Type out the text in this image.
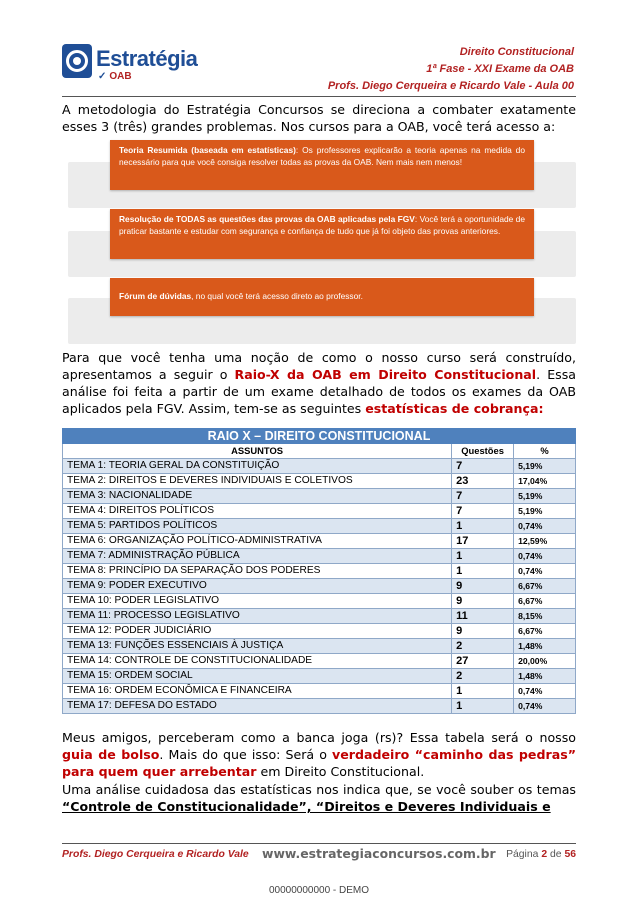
Estratégia
✓ OAB
Direito Constitucional
1ª Fase - XXI Exame da OAB
Profs. Diego Cerqueira e Ricardo Vale - Aula 00

A metodologia do Estratégia Concursos se direciona a combater exatamente esses 3 (três) grandes problemas. Nos cursos para a OAB, você terá acesso a:

Teoria Resumida (baseada em estatísticas): Os professores explicarão a teoria apenas na medida do necessário para que você consiga resolver todas as provas da OAB. Nem mais nem menos!
Resolução de TODAS as questões das provas da OAB aplicadas pela FGV: Você terá a oportunidade de praticar bastante e estudar com segurança e confiança de tudo que já foi objeto das provas anteriores.
Fórum de dúvidas, no qual você terá acesso direto ao professor.

Para que você tenha uma noção de como o nosso curso será construído, apresentamos a seguir o Raio-X da OAB em Direito Constitucional. Essa análise foi feita a partir de um exame detalhado de todos os exames da OAB aplicados pela FGV. Assim, tem-se as seguintes estatísticas de cobrança:

RAIO X – DIREITO CONSTITUCIONAL		
ASSUNTOS	Questões	%
TEMA 1: TEORIA GERAL DA CONSTITUIÇÃO	7	5,19%
TEMA 2: DIREITOS E DEVERES INDIVIDUAIS E COLETIVOS	23	17,04%
TEMA 3: NACIONALIDADE	7	5,19%
TEMA 4: DIREITOS POLÍTICOS	7	5,19%
TEMA 5: PARTIDOS POLÍTICOS	1	0,74%
TEMA 6: ORGANIZAÇÃO POLÍTICO-ADMINISTRATIVA	17	12,59%
TEMA 7: ADMINISTRAÇÃO PÚBLICA	1	0,74%
TEMA 8: PRINCÍPIO DA SEPARAÇÃO DOS PODERES	1	0,74%
TEMA 9: PODER EXECUTIVO	9	6,67%
TEMA 10: PODER LEGISLATIVO	9	6,67%
TEMA 11: PROCESSO LEGISLATIVO	11	8,15%
TEMA 12: PODER JUDICIÁRIO	9	6,67%
TEMA 13: FUNÇÕES ESSENCIAIS À JUSTIÇA	2	1,48%
TEMA 14: CONTROLE DE CONSTITUCIONALIDADE	27	20,00%
TEMA 15: ORDEM SOCIAL	2	1,48%
TEMA 16: ORDEM ECONÔMICA E FINANCEIRA	1	0,74%
TEMA 17: DEFESA DO ESTADO	1	0,74%

Meus amigos, perceberam como a banca joga (rs)? Essa tabela será o nosso guia de bolso. Mais do que isso: Será o verdadeiro “caminho das pedras” para quem quer arrebentar em Direito Constitucional.

Uma análise cuidadosa das estatísticas nos indica que, se você souber os temas “Controle de Constitucionalidade”, “Direitos e Deveres Individuais e

Profs. Diego Cerqueira e Ricardo Vale www.estrategiaconcursos.com.br Página 2 de 56
00000000000 - DEMO
